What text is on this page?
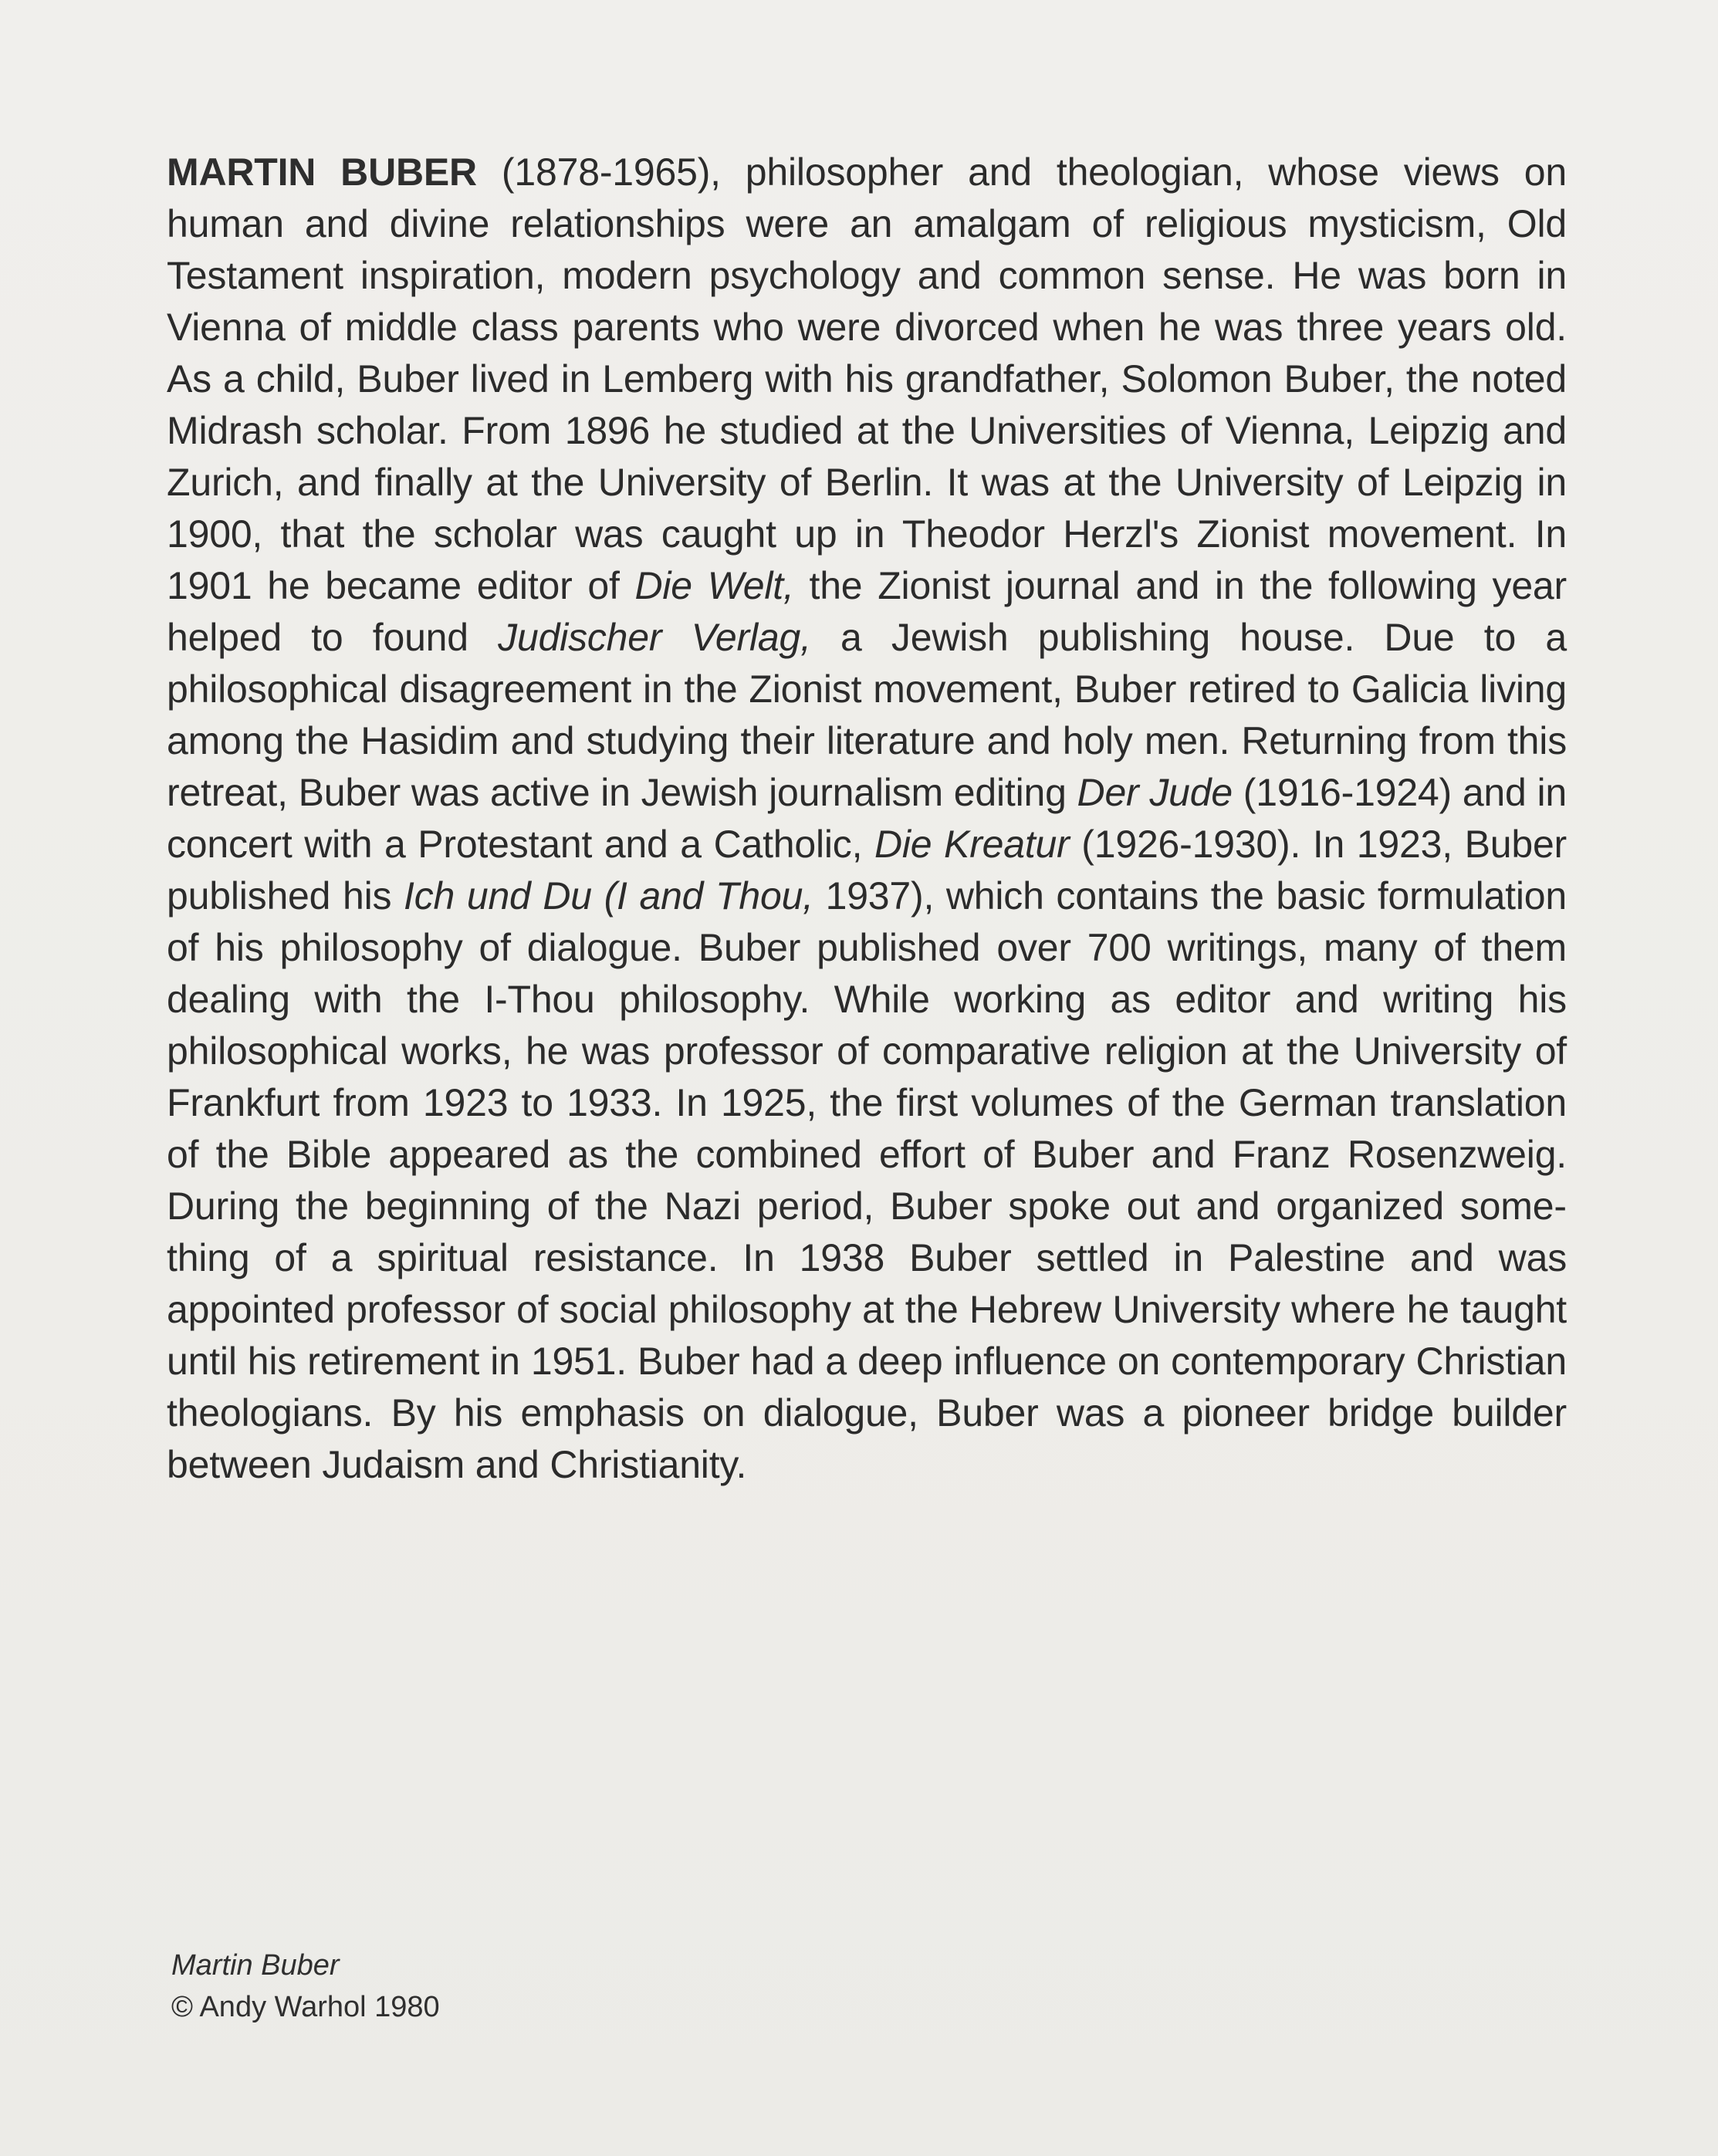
MARTIN BUBER (1878-1965), philosopher and theologian, whose views on human and divine relationships were an amalgam of religious mysticism, Old Testament inspiration, modern psychology and common sense. He was born in Vienna of middle class parents who were divorced when he was three years old. As a child, Buber lived in Lemberg with his grandfather, Solomon Buber, the noted Midrash scholar. From 1896 he studied at the Universities of Vienna, Leipzig and Zurich, and finally at the University of Berlin. It was at the University of Leipzig in 1900, that the scholar was caught up in Theodor Herzl's Zionist movement. In 1901 he became editor of Die Welt, the Zionist journal and in the following year helped to found Judischer Verlag, a Jewish publishing house. Due to a philosophical disagreement in the Zionist movement, Buber retired to Galicia living among the Hasidim and studying their literature and holy men. Returning from this retreat, Buber was active in Jewish journalism editing Der Jude (1916-1924) and in concert with a Protestant and a Catholic, Die Kreatur (1926-1930). In 1923, Buber published his Ich und Du (I and Thou, 1937), which contains the basic formulation of his philosophy of dialogue. Buber published over 700 writings, many of them dealing with the I-Thou philosophy. While working as editor and writing his philosophical works, he was professor of comparative religion at the University of Frankfurt from 1923 to 1933. In 1925, the first volumes of the German translation of the Bible appeared as the combined effort of Buber and Franz Rosenzweig. During the beginning of the Nazi period, Buber spoke out and organized something of a spiritual resistance. In 1938 Buber settled in Palestine and was appointed professor of social philosophy at the Hebrew University where he taught until his retirement in 1951. Buber had a deep influence on contemporary Christian theologians. By his emphasis on dialogue, Buber was a pioneer bridge builder between Judaism and Christianity.

Martin Buber
© Andy Warhol 1980
